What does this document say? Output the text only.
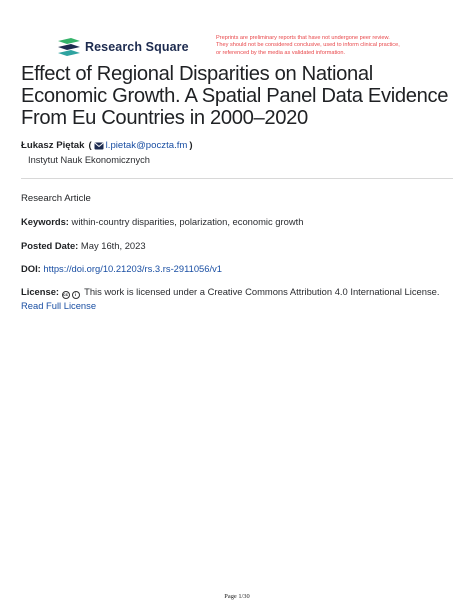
Research Square
Preprints are preliminary reports that have not undergone peer review.
They should not be considered conclusive, used to inform clinical practice,
or referenced by the media as validated information.
Effect of Regional Disparities on National Economic Growth. A Spatial Panel Data Evidence From Eu Countries in 2000–2020
Łukasz Piętak ( l.pietak@poczta.fm )
Instytut Nauk Ekonomicznych
Research Article
Keywords: within-country disparities, polarization, economic growth
Posted Date: May 16th, 2023
DOI: https://doi.org/10.21203/rs.3.rs-2911056/v1
License: cc i This work is licensed under a Creative Commons Attribution 4.0 International License.
Read Full License
Page 1/30
